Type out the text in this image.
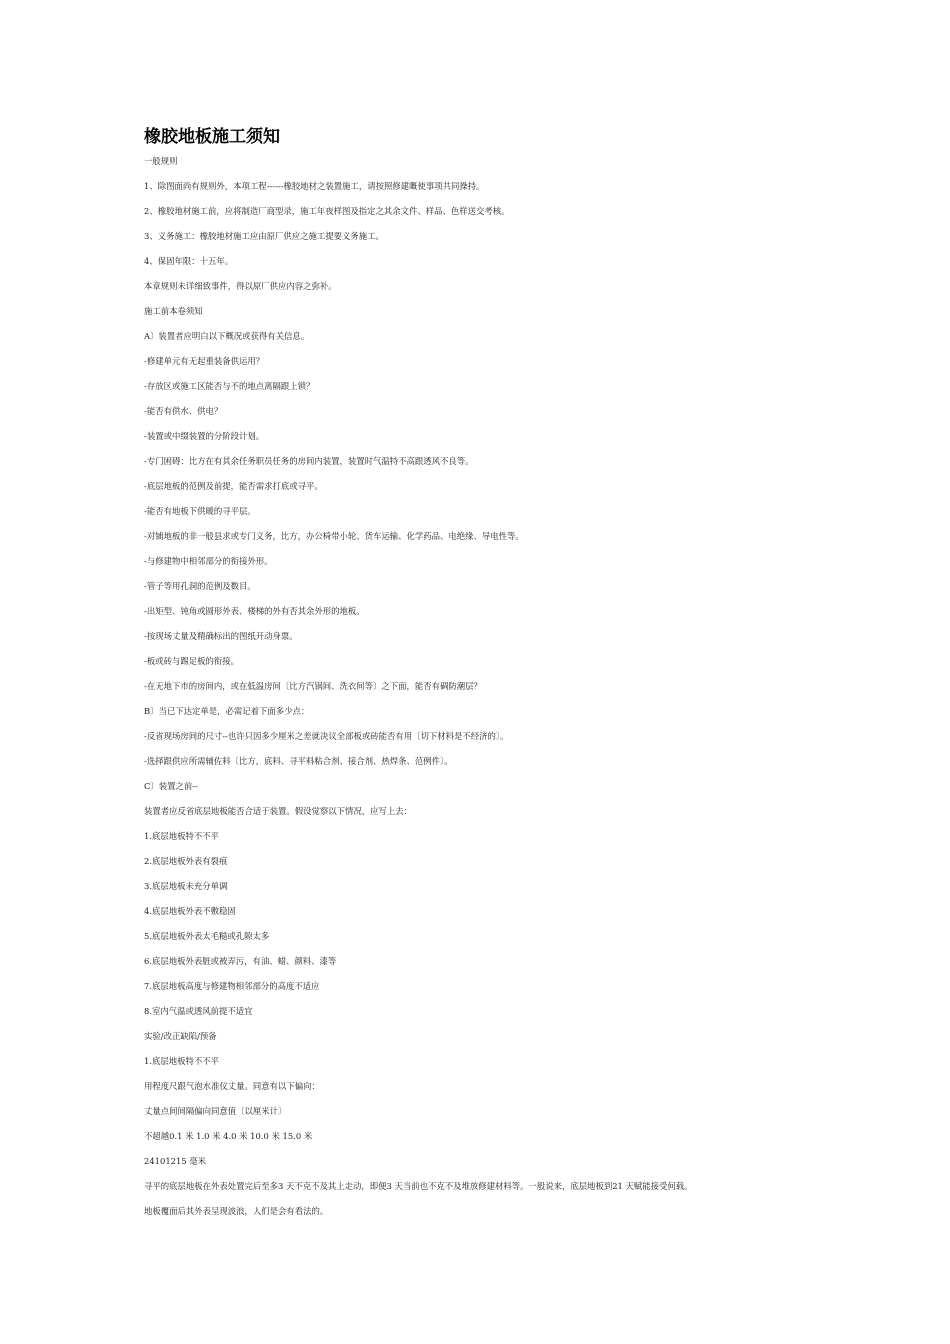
橡胶地板施工须知
一般规则
1、除图面尚有规则外，本项工程------橡胶地材之装置施工，请按照修建嘅使事项共同操持。
2、橡胶地材施工前，应将制造厂商型录，施工年夜样图及指定之其余文件、样品、色样送交考核。
3、义务施工：橡胶地材施工应由原厂供应之施工提要义务施工。
4、保固年限：十五年。
本章规则未详细致事件，得以原厂供应内容之弥补。
施工前本卷须知
A〕装置者应明白以下概况或获得有关信息。
-修建单元有无起重装备供运用？
-存放区或施工区能否与不的地点离隔跟上锁？
-能否有供水、供电？
-装置或中缀装置的分阶段计划。
-专门困碍：比方在有其余任务职员任务的房间内装置，装置时气温特不高跟透风不良等。
-底层地板的范例及前提，能否需求打底或寻平。
-能否有地板下供暖的寻平层。
-对铺地板的非一般县求或专门义务，比方，办公椅带小轮、货车运输、化学药品、电绝缘、导电性等。
-与修建物中相邻部分的衔接外形。
-管子等用孔洞的范例及数目。
-出矩型、钝角或圆形外表、楼梯的外有否其余外形的地板。
-按现场丈量及精确标出的图纸开动身票。
-板或砖与踢足板的衔接。
-在无地下市的房间内，或在低温房间〔比方汽锅间、洗衣间等〕之下面，能否有碉防潮层？
B〕当已下达定单是，必需记着下面多少点：
-反省现场房间的尺寸--也许只因多少厘米之差就决议全部板或砖能否有用〔切下材料是不经济的〕。
-选择跟供应所需辅佐料〔比方，底料、寻平料粘合剂、接合剂、热焊条、范例件〕。
C〕装置之前--
装置者应反省底层地板能否合适于装置。假设觉察以下情况，应写上去：
1.底层地板特不不平
2.底层地板外表有裂痕
3.底层地板未充分单调
4.底层地板外表不敷稳固
5.底层地板外表太毛糙或孔隙太多
6.底层地板外表脏或被弄污，有油、蜡、颜料、漆等
7.底层地板高度与修建物相邻部分的高度不适应
8.室内气温或透风前提不适宜
实验/改正缺陷/预备
1.底层地板特不不平
用程度尺跟气泡水准仪丈量。同意有以下偏向：
丈量点间间隔偏向同意值〔以厘米计〕
不超越0.1 米 1.0 米 4.0 米 10.0 米 15.0 米
24101215 毫米
寻平的底层地板在外表处置完后至多3 天不克不及其上走动，即便3 天当前也不克不及堆放修建材料等。一般说来，底层地板到21 天赋能接受何载。
地板覆面后其外表呈现波浪，人们是会有看法的。
